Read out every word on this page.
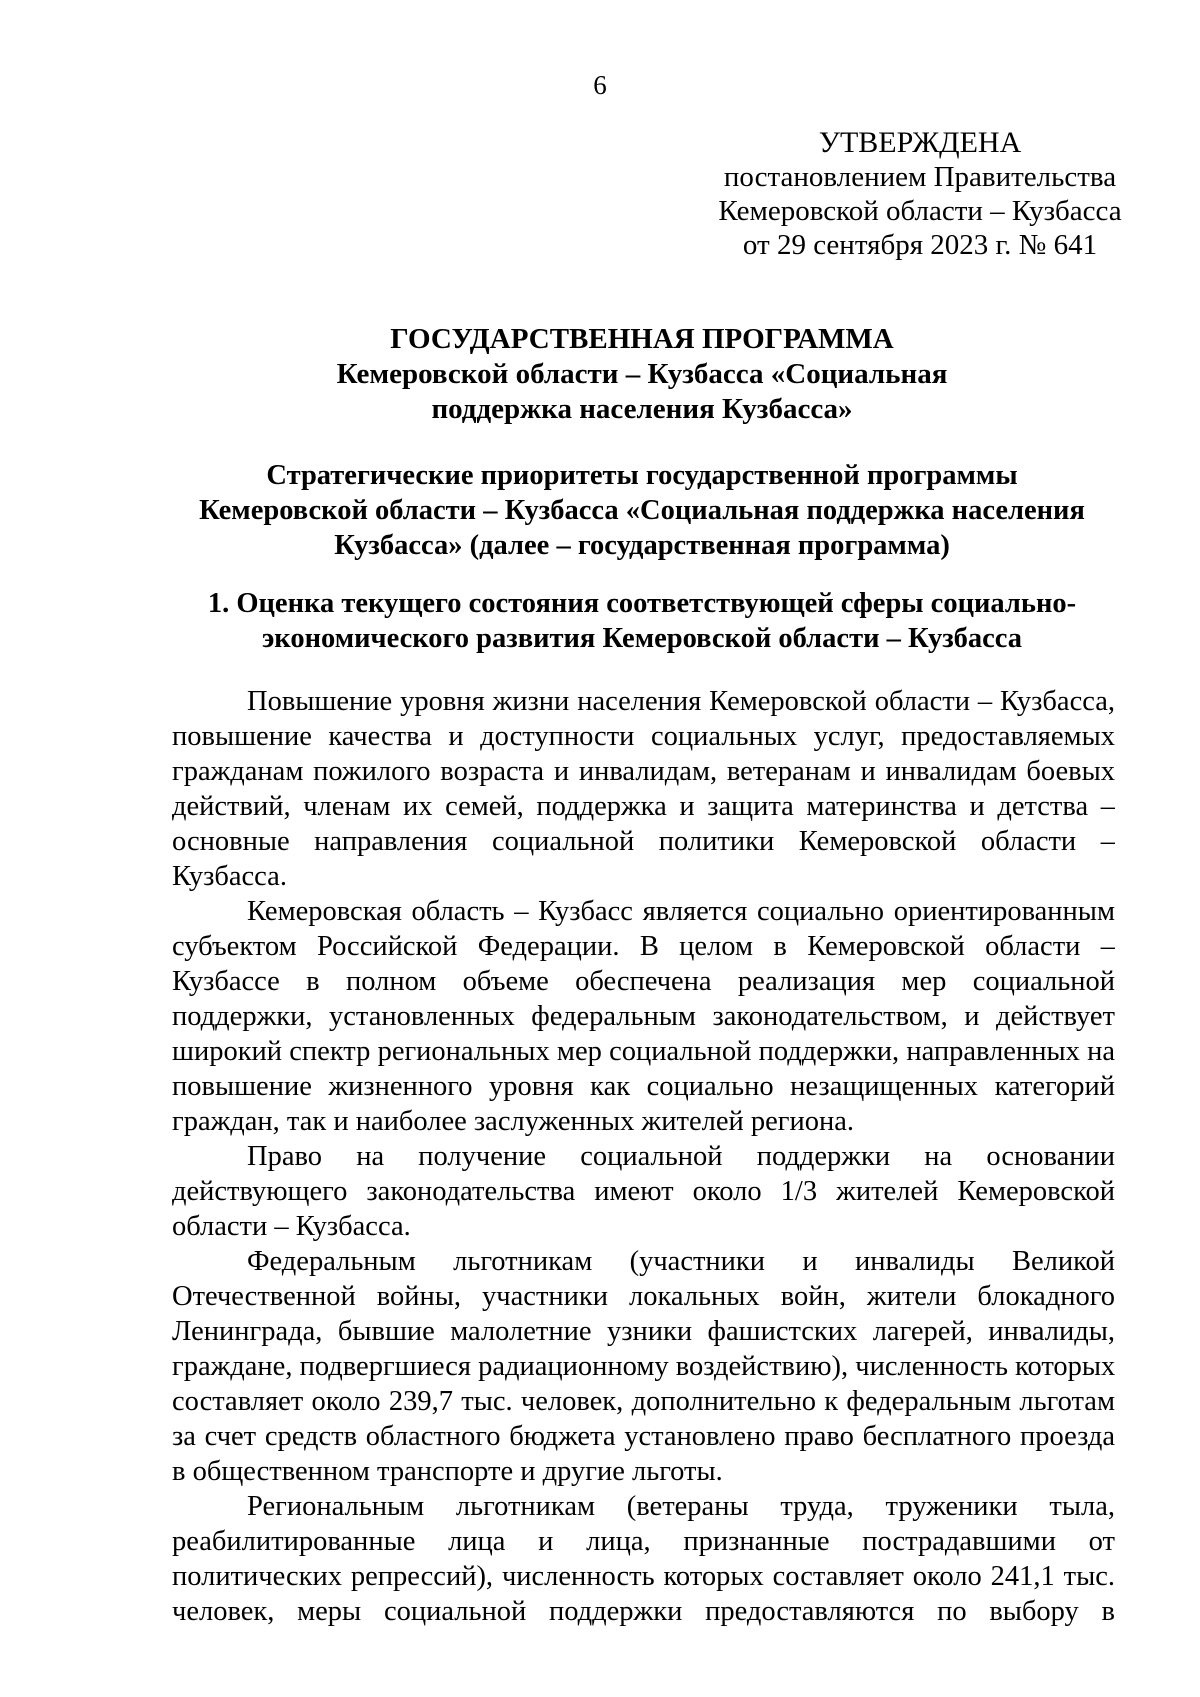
6
УТВЕРЖДЕНА
постановлением Правительства
Кемеровской области – Кузбасса
от 29 сентября 2023 г. № 641
ГОСУДАРСТВЕННАЯ ПРОГРАММА
Кемеровской области – Кузбасса «Социальная
поддержка населения Кузбасса»
Стратегические приоритеты государственной программы
Кемеровской области – Кузбасса «Социальная поддержка населения
Кузбасса» (далее – государственная программа)
1. Оценка текущего состояния соответствующей сферы социально-
экономического развития Кемеровской области – Кузбасса
Повышение уровня жизни населения Кемеровской области – Кузбасса,
повышение качества и доступности социальных услуг, предоставляемых
гражданам пожилого возраста и инвалидам, ветеранам и инвалидам боевых
действий, членам их семей, поддержка и защита материнства и детства –
основные направления социальной политики Кемеровской области –
Кузбасса.
Кемеровская область – Кузбасс является социально ориентированным
субъектом Российской Федерации. В целом в Кемеровской области –
Кузбассе в полном объеме обеспечена реализация мер социальной
поддержки, установленных федеральным законодательством, и действует
широкий спектр региональных мер социальной поддержки, направленных на
повышение жизненного уровня как социально незащищенных категорий
граждан, так и наиболее заслуженных жителей региона.
Право на получение социальной поддержки на основании
действующего законодательства имеют около 1/3 жителей Кемеровской
области – Кузбасса.
Федеральным льготникам (участники и инвалиды Великой
Отечественной войны, участники локальных войн, жители блокадного
Ленинграда, бывшие малолетние узники фашистских лагерей, инвалиды,
граждане, подвергшиеся радиационному воздействию), численность которых
составляет около 239,7 тыс. человек, дополнительно к федеральным льготам
за счет средств областного бюджета установлено право бесплатного проезда
в общественном транспорте и другие льготы.
Региональным льготникам (ветераны труда, труженики тыла,
реабилитированные лица и лица, признанные пострадавшими от
политических репрессий), численность которых составляет около 241,1 тыс.
человек, меры социальной поддержки предоставляются по выбору в
